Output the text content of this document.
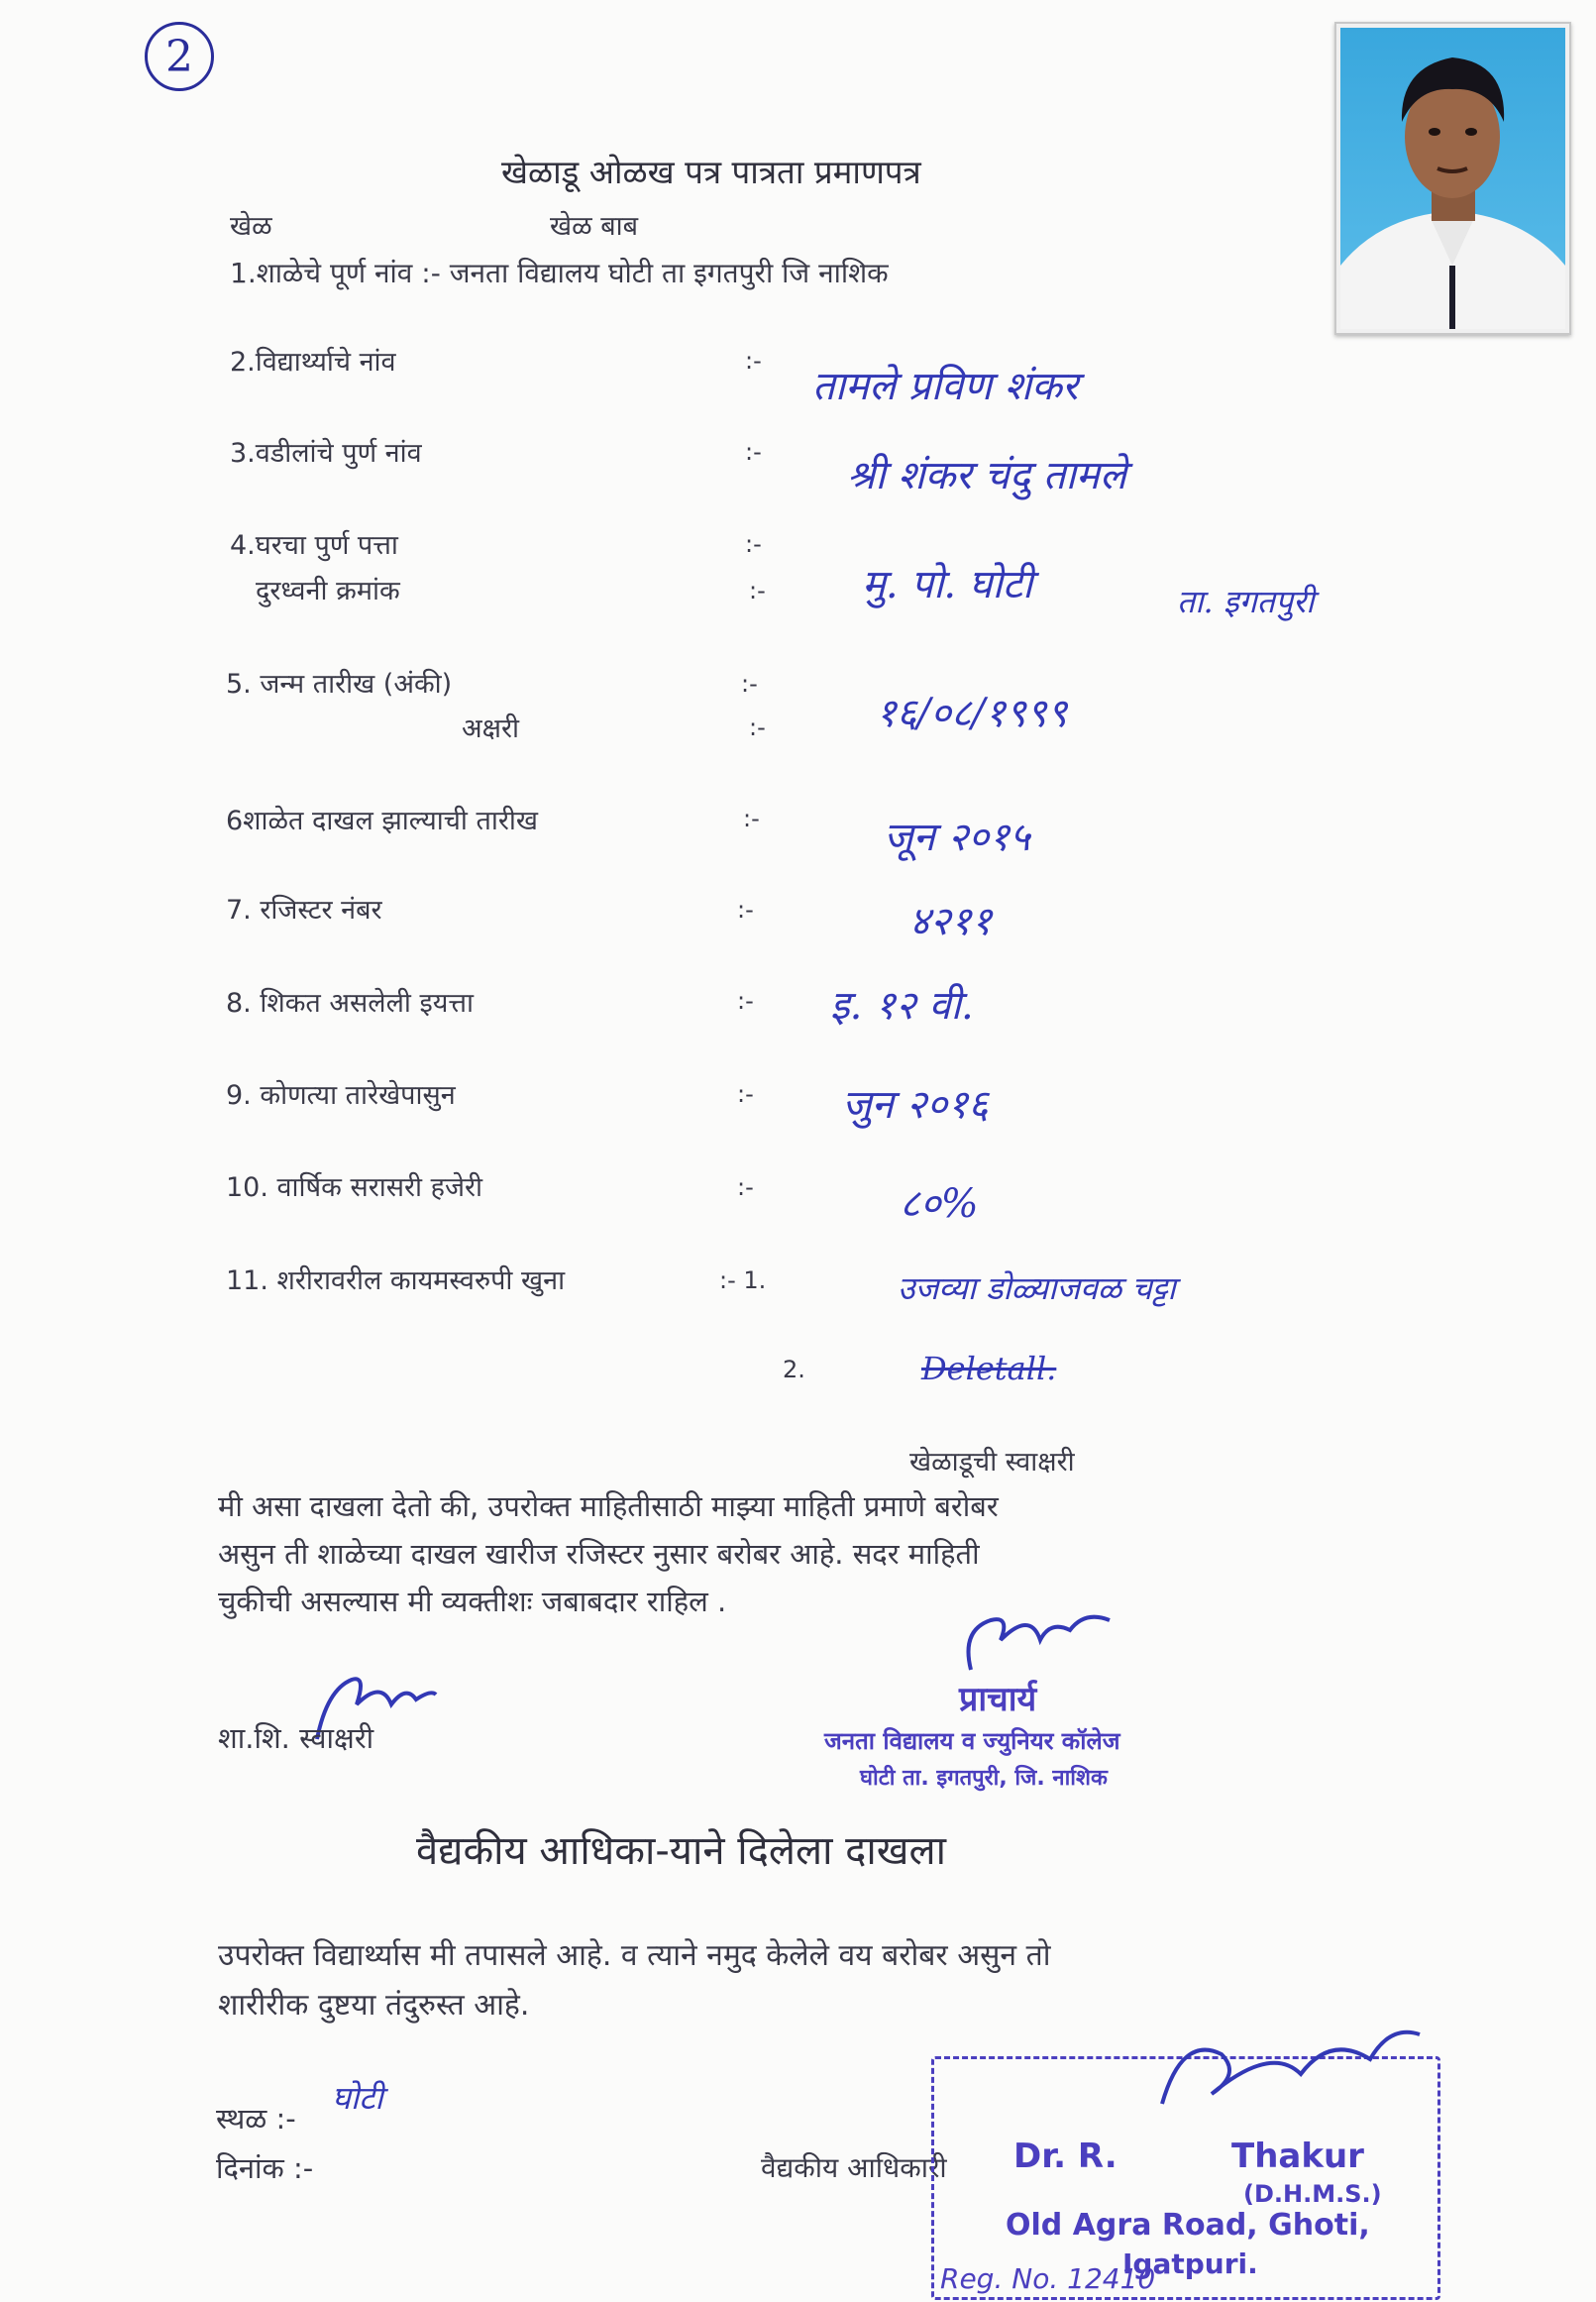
2
खेळाडू ओळख पत्र पात्रता प्रमाणपत्र
खेळ	खेळ बाब
1.शाळेचे पूर्ण नांव :- जनता विद्यालय घोटी ता इगतपुरी जि नाशिक
2.विद्यार्थ्याचे नांव	:-
तामले प्रविण शंकर
3.वडीलांचे पुर्ण नांव	:-
श्री शंकर चंदु तामले
4.घरचा पुर्ण पत्ता	:-
मु. पो. घोटी	ता. इगतपुरी
दुरध्वनी क्रमांक	:-
5. जन्म तारीख (अंकी)	:-
१६/०८/१९९९
अक्षरी	:-
6शाळेत दाखल झाल्याची तारीख	:-	जून २०१५
7. रजिस्टर नंबर	:-	४२११
8. शिकत असलेली इयत्ता	:- इ. १२ वी.
9. कोणत्या तारेखेपासुन	:- जुन २०१६
10. वार्षिक सरासरी हजेरी	:-	८०%
11. शरीरावरील कायमस्वरुपी खुना	:- 1.	उजव्या डोळ्याजवळ चट्टा
2.	Deletall.
खेळाडूची स्वाक्षरी
मी असा दाखला देतो की, उपरोक्त माहितीसाठी माझ्या माहिती प्रमाणे बरोबर
असुन ती शाळेच्या दाखल खारीज रजिस्टर नुसार बरोबर आहे. सदर माहिती
चुकीची असल्यास मी व्यक्तीशः जबाबदार राहिल .
प्राचार्य
जनता विद्यालय व ज्युनियर कॉलेज
घोटी ता. इगतपुरी, जि. नाशिक
शा.शि. स्वाक्षरी
वैद्यकीय आधिका-याने दिलेला दाखला
उपरोक्त विद्यार्थ्यास मी तपासले आहे. व त्याने नमुद केलेले वय बरोबर असुन तो
शारीरीक दुष्टया तंदुरुस्त आहे.
स्थळ :-
घोटी
दिनांक :-	वैद्यकीय आधिकारी Dr. R.	Thakur
(D.H.M.S.)
Old Agra Road, Ghoti,
Igatpuri.
Reg. No. 12410
